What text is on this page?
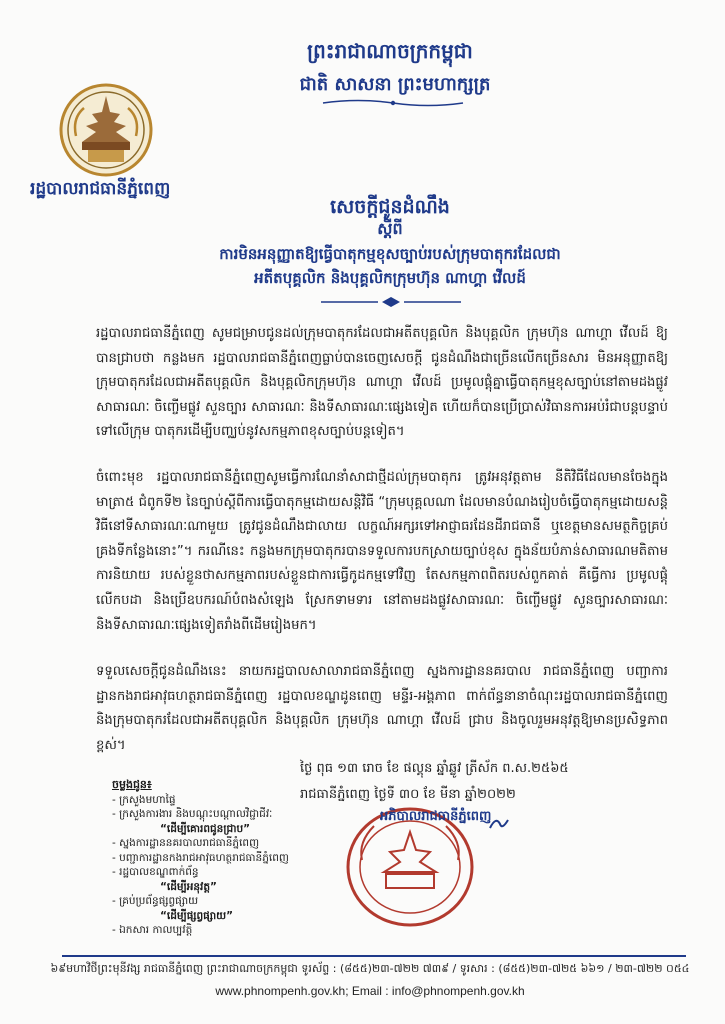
ព្រះរាជាណាចក្រកម្ពុជា
ជាតិ សាសនា ព្រះមហាក្សត្រ
រដ្ឋបាលរាជធានីភ្នំពេញ
សេចក្តីជូនដំណឹង
ស្តីពី
ការមិនអនុញ្ញាតឱ្យធ្វើបាតុកម្មខុសច្បាប់របស់ក្រុមបាតុករដែលជា
អតីតបុគ្គលិក និងបុគ្គលិកក្រុមហ៊ុន ណាហ្គា វើលដ៍
រដ្ឋបាលរាជធានីភ្នំពេញ សូមជម្រាបជូនដល់ក្រុមបាតុករដែលជាអតីតបុគ្គលិក និងបុគ្គលិក ក្រុមហ៊ុន ណាហ្គា វើលដ៍ ឱ្យបានជ្រាបថា កន្លងមក រដ្ឋបាលរាជធានីភ្នំពេញធ្លាប់បានចេញសេចក្តី ជូនដំណឹងជាច្រើនលើកច្រើនសារ មិនអនុញ្ញាតឱ្យក្រុមបាតុករដែលជាអតីតបុគ្គលិក និងបុគ្គលិកក្រុមហ៊ុន ណាហ្គា វើលដ៍ ប្រមូលផ្តុំគ្នាធ្វើបាតុកម្មខុសច្បាប់នៅតាមដងផ្លូវសាធារណៈ ចិញ្ចើមផ្លូវ សួនច្បារ សាធារណៈ និងទីសាធារណៈផ្សេងទៀត ហើយក៏បានប្រើប្រាស់វិធានការអប់រំជាបន្តបន្ទាប់ទៅលើក្រុម បាតុករដើម្បីបញ្ឈប់នូវសកម្មភាពខុសច្បាប់បន្តទៀត។
ចំពោះមុខ រដ្ឋបាលរាជធានីភ្នំពេញសូមធ្វើការណែនាំសាជាថ្មីដល់ក្រុមបាតុករ ត្រូវអនុវត្តតាម នីតិវិធីដែលមានចែងក្នុងមាត្រា៥ ជំពូកទី២ នៃច្បាប់ស្តីពីការធ្វើបាតុកម្មដោយសន្តិវិធី “ក្រុមបុគ្គលណា ដែលមានបំណងរៀបចំធ្វើបាតុកម្មដោយសន្តិវិធីនៅទីសាធារណៈណាមួយ ត្រូវជូនដំណឹងជាលាយ លក្ខណ៍អក្សរទៅអាជ្ញាធរដែនដីរាជធានី ឬខេត្តមានសមត្ថកិច្ចគ្រប់គ្រងទីកន្លែងនោះ”។ ករណីនេះ កន្លងមកក្រុមបាតុករបានទទួលការបកស្រាយច្បាប់ខុស ក្នុងន័យបំភាន់សាធារណមតិតាមការនិយាយ របស់ខ្លួនថាសកម្មភាពរបស់ខ្លួនជាការធ្វើកូដកម្មទៅវិញ តែសកម្មភាពពិតរបស់ពួកគាត់ គឺធ្វើការ ប្រមូលផ្តុំ លើកបដា និងប្រើឧបករណ៍បំពងសំឡេង ស្រែកទាមទារ នៅតាមដងផ្លូវសាធារណៈ ចិញ្ចើមផ្លូវ សួនច្បារសាធារណៈ និងទីសាធារណៈផ្សេងទៀតរាំងពីដើមរៀងមក។
ទទួលសេចក្តីជូនដំណឹងនេះ នាយករដ្ឋបាលសាលារាជធានីភ្នំពេញ ស្នងការដ្ឋាននគរបាល រាជធានីភ្នំពេញ បញ្ជាការដ្ឋានកងរាជអាវុធហត្ថរាជធានីភ្នំពេញ រដ្ឋបាលខណ្ឌដូនពេញ មន្ទីរ-អង្គភាព ពាក់ព័ន្ធនានាចំណុះរដ្ឋបាលរាជធានីភ្នំពេញ និងក្រុមបាតុករដែលជាអតីតបុគ្គលិក និងបុគ្គលិក ក្រុមហ៊ុន ណាហ្គា វើលដ៍ ជ្រាប និងចូលរួមអនុវត្តឱ្យមានប្រសិទ្ធភាពខ្ពស់។
ថ្ងៃ ពុធ ១៣ រោច ខែ ផល្គុន ឆ្នាំឆ្លូវ ត្រីស័ក ព.ស.២៥៦៥
រាជធានីភ្នំពេញ ថ្ងៃទី ៣០ ខែ មីនា ឆ្នាំ២០២២
អភិបាលរាជធានីភ្នំពេញ
ចម្លងជូន៖
- ក្រសួងមហាផ្ទៃ
- ក្រសួងការងារ និងបណ្តុះបណ្តាលវិជ្ជាជីវៈ
“ដើម្បីគោរពជូនជ្រាប”
- ស្នងការដ្ឋាននគរបាលរាជធានីភ្នំពេញ
- បញ្ជាការដ្ឋានកងរាជអាវុធហត្ថរាជធានីភ្នំពេញ
- រដ្ឋបាលខណ្ឌពាក់ព័ន្ធ
“ដើម្បីអនុវត្ត”
- គ្រប់ប្រព័ន្ធផ្សព្វផ្សាយ
“ដើម្បីផ្សព្វផ្សាយ”
- ឯកសារ កាលប្បវត្តិ
៦៩មហាវិថីព្រះមុនីវង្ស រាជធានីភ្នំពេញ ព្រះរាជាណាចក្រកម្ពុជា ទូរស័ព្ទ : (៨៥៥)២៣-៧២២ ៧៣៩ / ទូរសារ : (៨៥៥)២៣-៧២៥ ៦៦១ / ២៣-៧២២ ០៥៤
www.phnompenh.gov.kh; Email : info@phnompenh.gov.kh
